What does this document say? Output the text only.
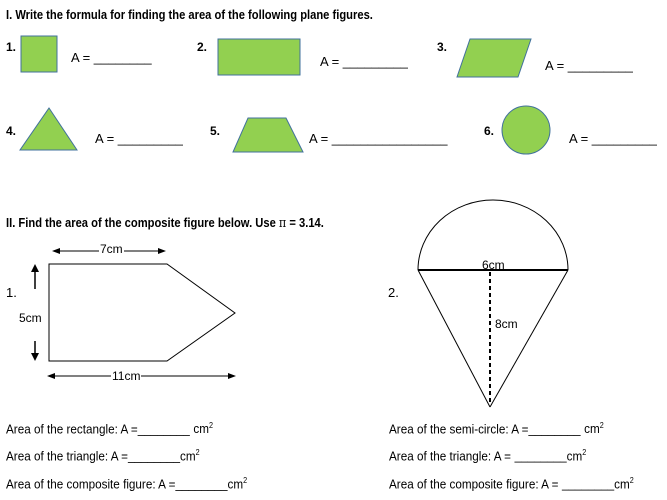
I. Write the formula for finding the area of the following plane figures.
1.
A = ________
2.
A = _________
3.
A = _________
4.	A = _________ 5.	A = ________________	6.	A = _________
II. Find the area of the composite figure below. Use π = 3.14.
1.
7cm
5cm
11cm
2.
6cm
8cm
Area of the rectangle: A =________ $cm^2$
Area of the triangle: $A =\_\_\_\_\_\_\_\_cm^2$
Area of the composite figure: $A =\_\_\_\_\_\_\_\_cm^2$
Area of the semi-circle: A =________ $cm^2$
Area of the triangle: $A = \_\_\_\_\_\_\_\_cm^2$
Area of the composite figure: $A = \_\_\_\_\_\_\_\_cm^2$
